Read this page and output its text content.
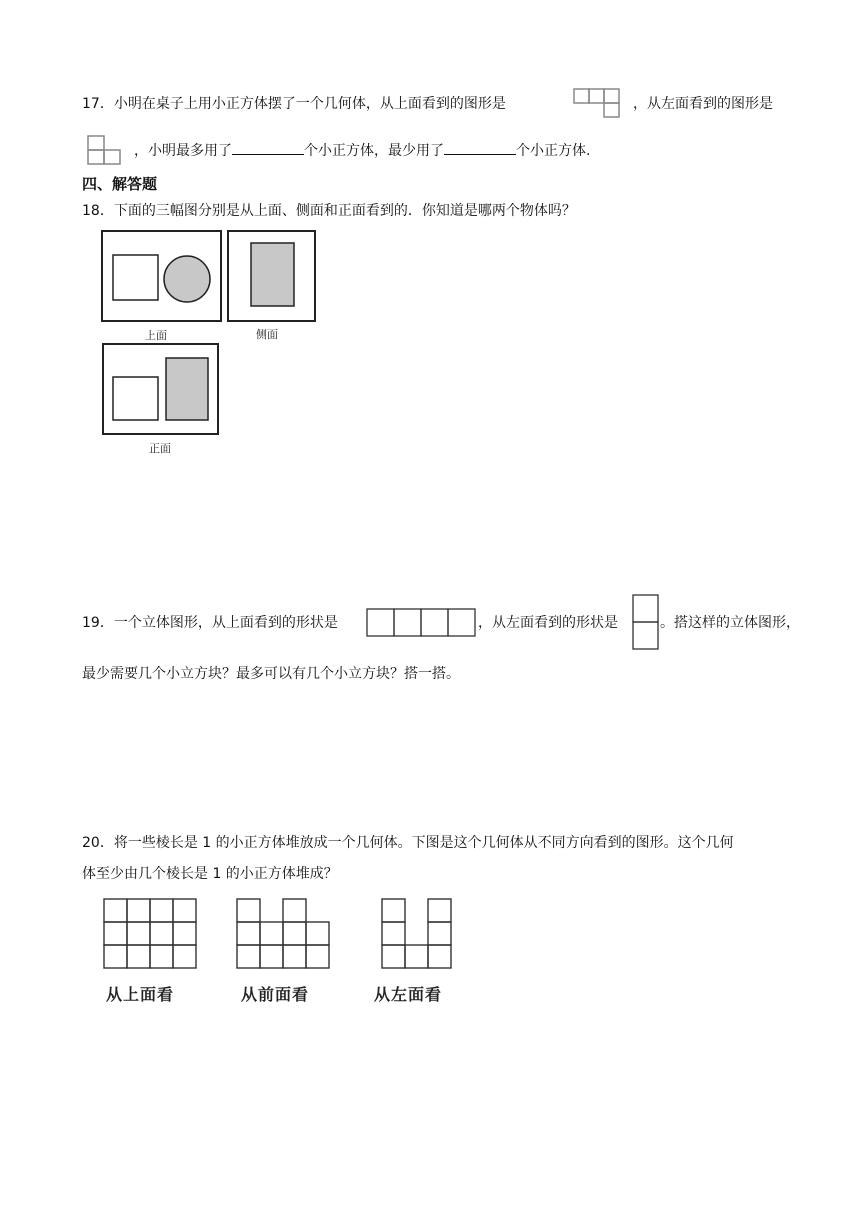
17．小明在桌子上用小正方体摆了一个几何体，从上面看到的图形是	，从左面看到的图形是
，小明最多用了	个小正方体，最少用了	个小正方体.
四、解答题
18．下面的三幅图分别是从上面、侧面和正面看到的．你知道是哪两个物体吗？
上面	侧面
正面
19．一个立体图形，从上面看到的形状是	，从左面看到的形状是	。搭这样的立体图形，
最少需要几个小立方块？最多可以有几个小立方块？搭一搭。
20．将一些棱长是 1 的小正方体堆放成一个几何体。下图是这个几何体从不同方向看到的图形。这个几何
体至少由几个棱长是 1 的小正方体堆成？
从上面看	从前面看	从左面看
